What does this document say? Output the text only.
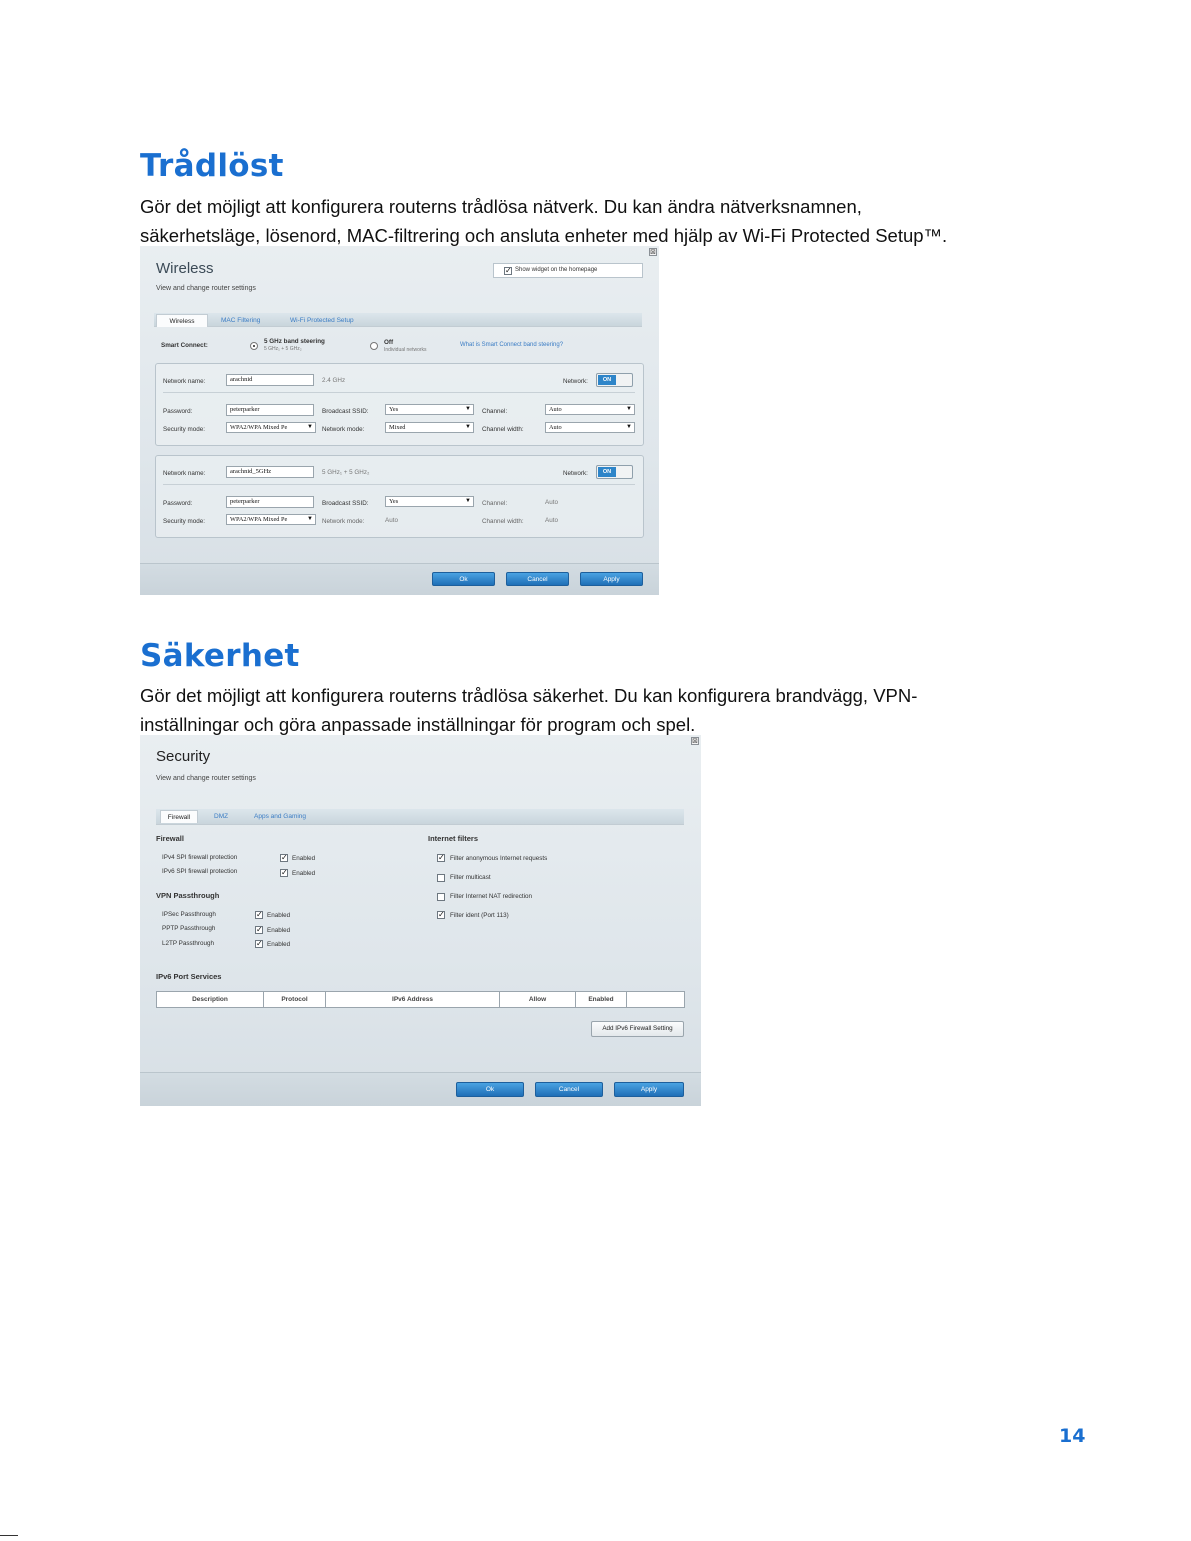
Trådlöst
Gör det möjligt att konfigurera routerns trådlösa nätverk. Du kan ändra nätverksnamnen,
säkerhetsläge, lösenord, MAC-filtrering och ansluta enheter med hjälp av Wi-Fi Protected Setup™.
⊠
Wireless
View and change router settings
✓ Show widget on the homepage
Wireless	MAC Filtering	Wi-Fi Protected Setup
Smart Connect:
5 GHz band steering
5 GHz₁ + 5 GHz₂
Off
Individual networks
What is Smart Connect band steering?
Network name:	arachnid	2.4 GHz	Network:	ON
Password:	peterparker	Broadcast SSID:	Yes	▼ Channel:	Auto	▼
Security mode:	WPA2/WPA Mixed Pe	▼ Network mode:	Mixed	▼ Channel width:	Auto	▼
Network name:	arachnid_5GHz	5 GHz₁ + 5 GHz₂	Network:	ON
Password:	peterparker	Broadcast SSID:	Yes	▼ Channel:	Auto
Security mode:	WPA2/WPA Mixed Pe	▼ Network mode:	Auto	Channel width:	Auto
Ok	Cancel	Apply
Säkerhet
Gör det möjligt att konfigurera routerns trådlösa säkerhet. Du kan konfigurera brandvägg, VPN-
inställningar och göra anpassade inställningar för program och spel.
⊠
Security
View and change router settings
Firewall	DMZ	Apps and Gaming
Firewall
IPv4 SPI firewall protection	✓ Enabled
IPv6 SPI firewall protection	✓ Enabled
VPN Passthrough
IPSec Passthrough	✓ Enabled
PPTP Passthrough	✓ Enabled
L2TP Passthrough	✓ Enabled
Internet filters
✓ Filter anonymous Internet requests
Filter multicast
Filter Internet NAT redirection
✓ Filter ident (Port 113)
IPv6 Port Services
Description	Protocol	IPv6 Address	Allow	Enabled
Add IPv6 Firewall Setting
Ok	Cancel	Apply
14
